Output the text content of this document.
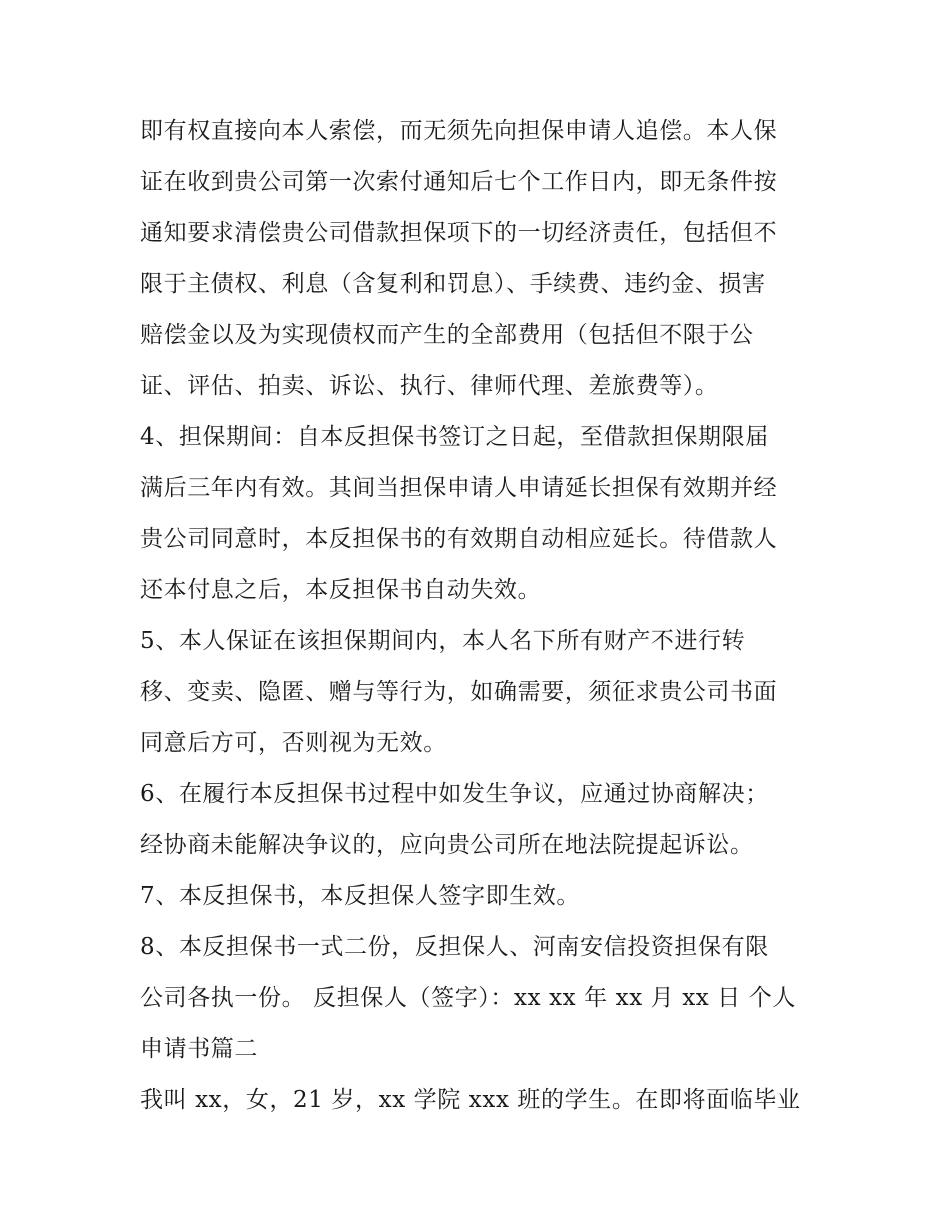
即有权直接向本人索偿，而无须先向担保申请人追偿。本人保
证在收到贵公司第一次索付通知后七个工作日内，即无条件按
通知要求清偿贵公司借款担保项下的一切经济责任，包括但不
限于主债权、利息（含复利和罚息）、手续费、违约金、损害
赔偿金以及为实现债权而产生的全部费用（包括但不限于公
证、评估、拍卖、诉讼、执行、律师代理、差旅费等）。
4、担保期间：自本反担保书签订之日起，至借款担保期限届
满后三年内有效。其间当担保申请人申请延长担保有效期并经
贵公司同意时，本反担保书的有效期自动相应延长。待借款人
还本付息之后，本反担保书自动失效。
5、本人保证在该担保期间内，本人名下所有财产不进行转
移、变卖、隐匿、赠与等行为，如确需要，须征求贵公司书面
同意后方可，否则视为无效。
6、在履行本反担保书过程中如发生争议，应通过协商解决；
经协商未能解决争议的，应向贵公司所在地法院提起诉讼。
7、本反担保书，本反担保人签字即生效。
8、本反担保书一式二份，反担保人、河南安信投资担保有限
公司各执一份。 反担保人（签字）：xx xx 年 xx 月 xx 日 个人
申请书篇二
我叫 xx，女，21 岁，xx 学院 xxx 班的学生。在即将面临毕业
